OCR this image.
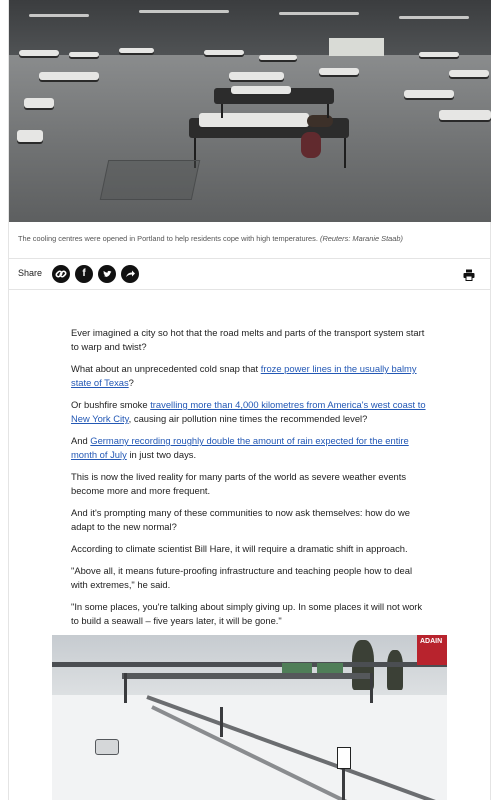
The cooling centres were opened in Portland to help residents cope with high temperatures. (Reuters: Maranie Staab)
Share	f

Ever imagined a city so hot that the road melts and parts of the transport system start to warp and twist?

What about an unprecedented cold snap that froze power lines in the usually balmy state of Texas?

Or bushfire smoke travelling more than 4,000 kilometres from America's west coast to New York City, causing air pollution nine times the recommended level?

And Germany recording roughly double the amount of rain expected for the entire month of July in just two days.

This is now the lived reality for many parts of the world as severe weather events become more and more frequent.

And it's prompting many of these communities to now ask themselves: how do we adapt to the new normal?

According to climate scientist Bill Hare, it will require a dramatic shift in approach.

"Above all, it means future-proofing infrastructure and teaching people how to deal with extremes," he said.

"In some places, you're talking about simply giving up. In some places it will not work to build a seawall – five years later, it will be gone."

ADAIN
